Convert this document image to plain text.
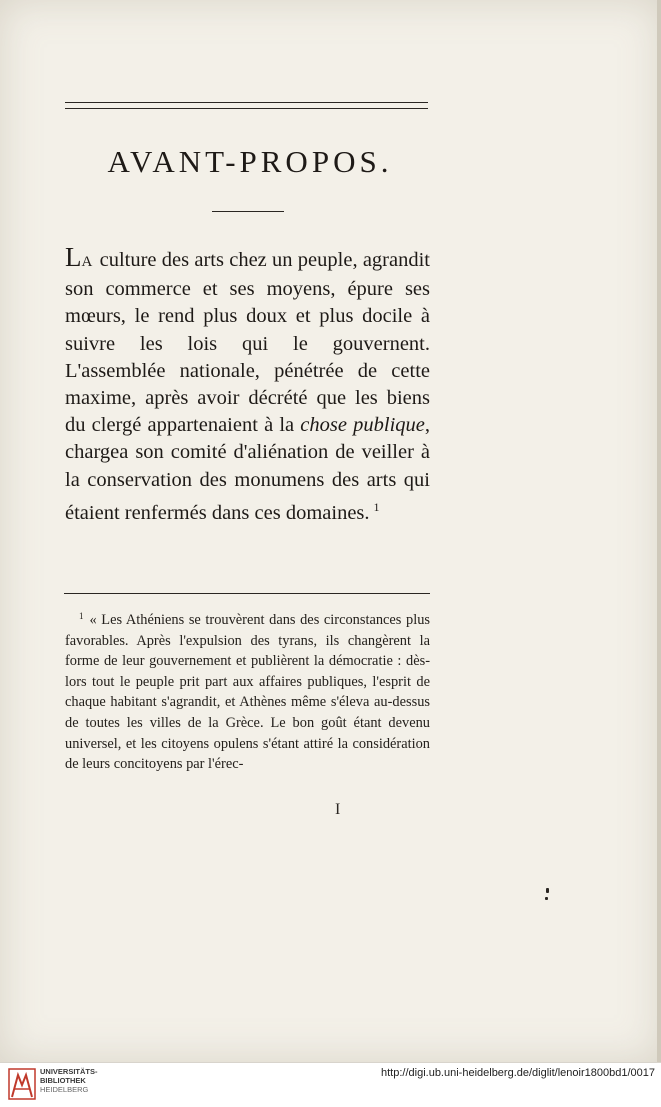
AVANT-PROPOS.

LA culture des arts chez un peuple, agrandit son commerce et ses moyens, épure ses mœurs, le rend plus doux et plus docile à suivre les lois qui le gouvernent. L'assemblée nationale, pénétrée de cette maxime, après avoir décrété que les biens du clergé appartenaient à la chose publique, chargea son comité d'aliénation de veiller à la conservation des monumens des arts qui étaient renfermés dans ces domaines. $^1$

$^1$ « Les Athéniens se trouvèrent dans des circonstances plus favorables. Après l'expulsion des tyrans, ils changèrent la forme de leur gouvernement et publièrent la démocratie : dès-lors tout le peuple prit part aux affaires publiques, l'esprit de chaque habitant s'agrandit, et Athènes même s'éleva au-dessus de toutes les villes de la Grèce. Le bon goût étant devenu universel, et les citoyens opulens s'étant attiré la considération de leurs concitoyens par l'érec-

I
UNIVERSITÄTS-
BIBLIOTHEK
HEIDELBERG
http://digi.ub.uni-heidelberg.de/diglit/lenoir1800bd1/0017
